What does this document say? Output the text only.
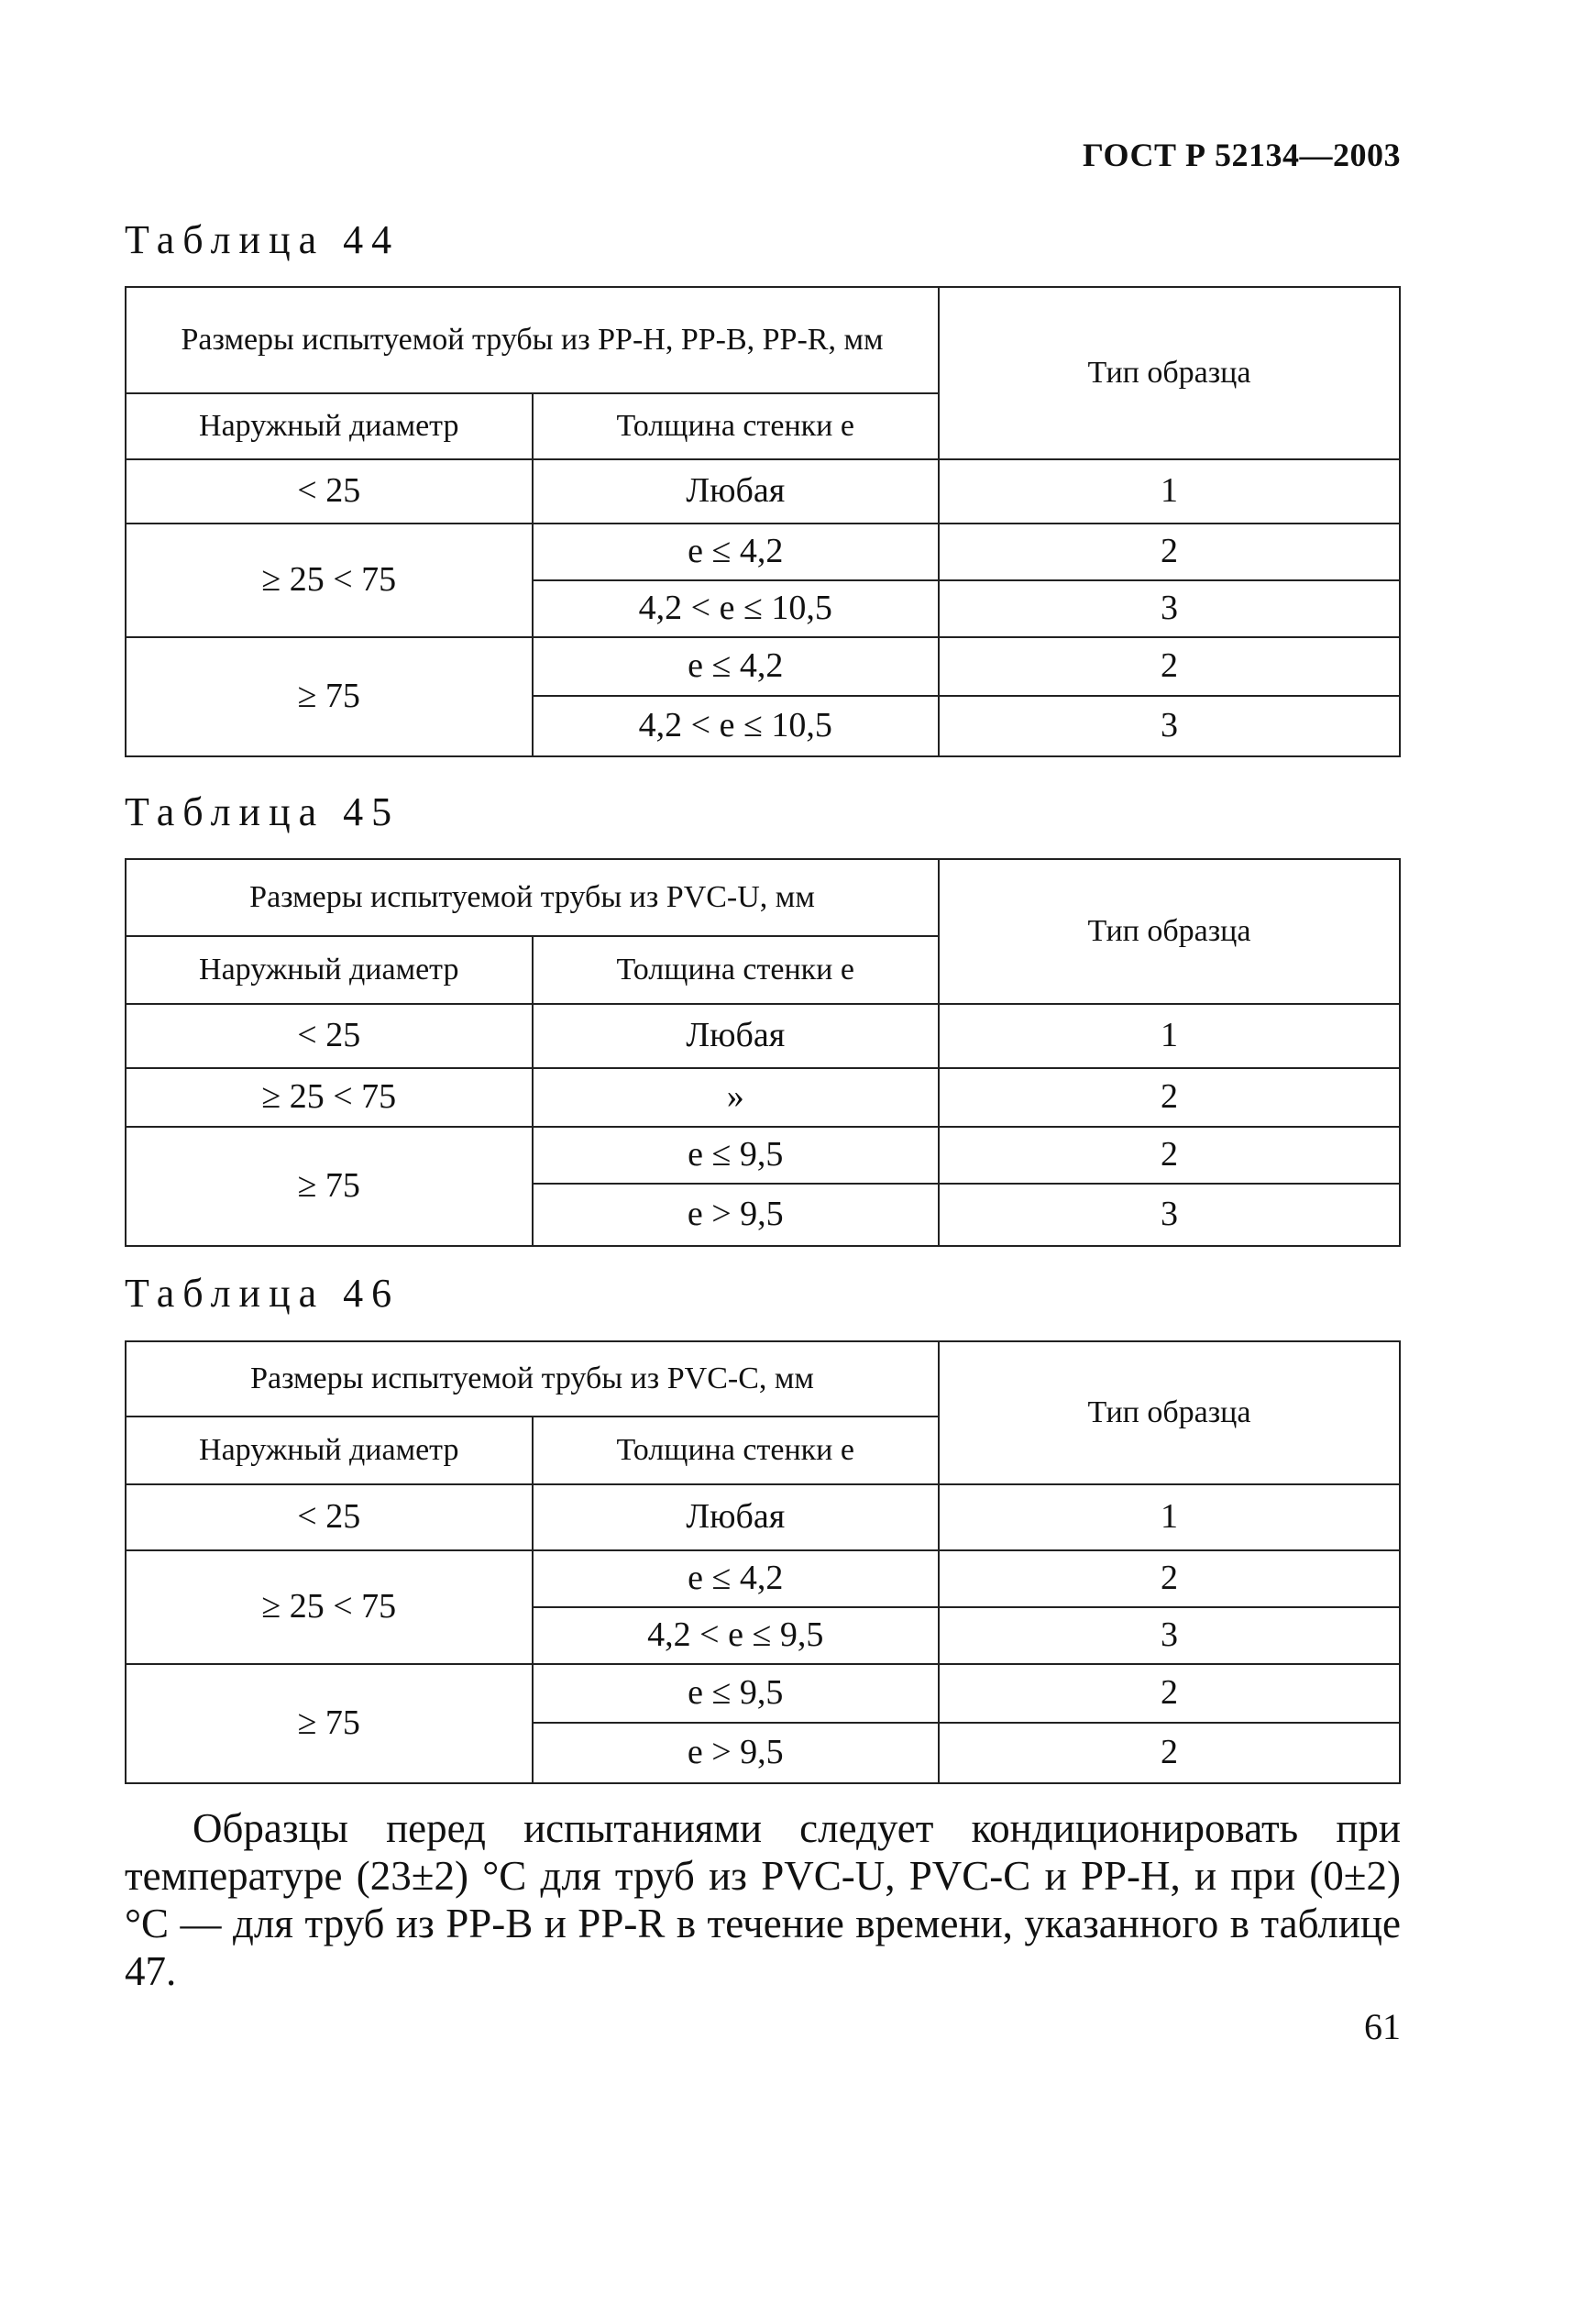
ГОСТ Р 52134—2003
Таблица 44
Размеры испытуемой трубы из PP-H, PP-B, PP-R, мм		Тип образца
Наружный диаметр	Толщина стенки e	
< 25	Любая	1
≥ 25 < 75	e ≤ 4,2	2
	4,2 < e ≤ 10,5	3
≥ 75	e ≤ 4,2	2
	4,2 < e ≤ 10,5	3
Таблица 45
Размеры испытуемой трубы из PVC-U, мм		Тип образца
Наружный диаметр	Толщина стенки e	
< 25	Любая	1
≥ 25 < 75	»	2
≥ 75	e ≤ 9,5	2
	e > 9,5	3
Таблица 46
Размеры испытуемой трубы из PVC-C, мм		Тип образца
Наружный диаметр	Толщина стенки e	
< 25	Любая	1
≥ 25 < 75	e ≤ 4,2	2
	4,2 < e ≤ 9,5	3
≥ 75	e ≤ 9,5	2
	e > 9,5	2

Образцы перед испытаниями следует кондиционировать при температуре (23±2) °С для труб из PVC-U, PVC-C и PP-H, и при (0±2) °С — для труб из PP-B и PP-R в течение времени, указанного в таблице 47.

61
